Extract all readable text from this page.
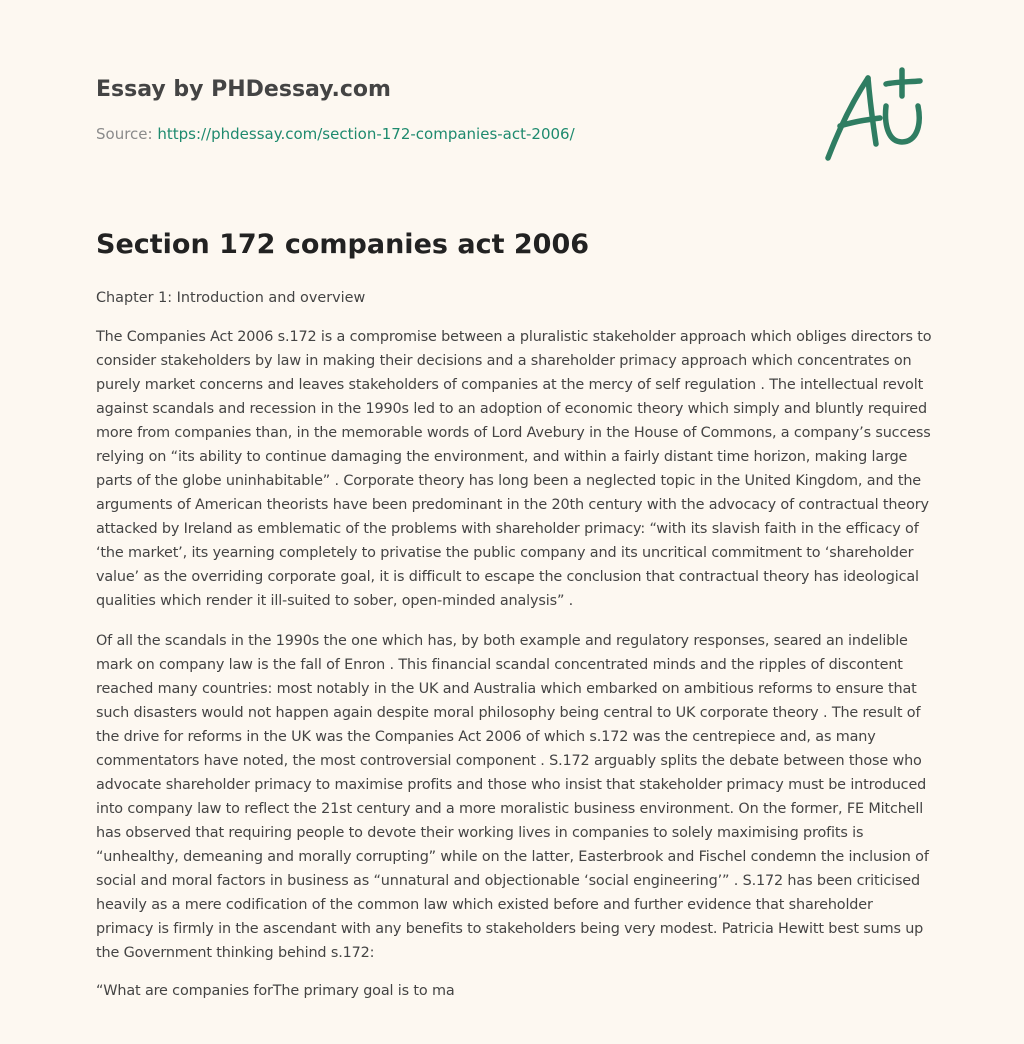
Essay by PHDessay.com
Source: https://phdessay.com/section-172-companies-act-2006/
Section 172 companies act 2006

Chapter 1: Introduction and overview

The Companies Act 2006 s.172 is a compromise between a pluralistic stakeholder approach which obliges directors to consider stakeholders by law in making their decisions and a shareholder primacy approach which concentrates on purely market concerns and leaves stakeholders of companies at the mercy of self regulation . The intellectual revolt against scandals and recession in the 1990s led to an adoption of economic theory which simply and bluntly required more from companies than, in the memorable words of Lord Avebury in the House of Commons, a company’s success relying on “its ability to continue damaging the environment, and within a fairly distant time horizon, making large parts of the globe uninhabitable” . Corporate theory has long been a neglected topic in the United Kingdom, and the arguments of American theorists have been predominant in the 20th century with the advocacy of contractual theory attacked by Ireland as emblematic of the problems with shareholder primacy: “with its slavish faith in the efficacy of ‘the market’, its yearning completely to privatise the public company and its uncritical commitment to ‘shareholder value’ as the overriding corporate goal, it is difficult to escape the conclusion that contractual theory has ideological qualities which render it ill-suited to sober, open-minded analysis” .

Of all the scandals in the 1990s the one which has, by both example and regulatory responses, seared an indelible mark on company law is the fall of Enron . This financial scandal concentrated minds and the ripples of discontent reached many countries: most notably in the UK and Australia which embarked on ambitious reforms to ensure that such disasters would not happen again despite moral philosophy being central to UK corporate theory . The result of the drive for reforms in the UK was the Companies Act 2006 of which s.172 was the centrepiece and, as many commentators have noted, the most controversial component . S.172 arguably splits the debate between those who advocate shareholder primacy to maximise profits and those who insist that stakeholder primacy must be introduced into company law to reflect the 21st century and a more moralistic business environment. On the former, FE Mitchell has observed that requiring people to devote their working lives in companies to solely maximising profits is “unhealthy, demeaning and morally corrupting” while on the latter, Easterbrook and Fischel condemn the inclusion of social and moral factors in business as “unnatural and objectionable ‘social engineering’” . S.172 has been criticised heavily as a mere codification of the common law which existed before and further evidence that shareholder primacy is firmly in the ascendant with any benefits to stakeholders being very modest. Patricia Hewitt best sums up the Government thinking behind s.172:

“What are companies forThe primary goal is to ma
